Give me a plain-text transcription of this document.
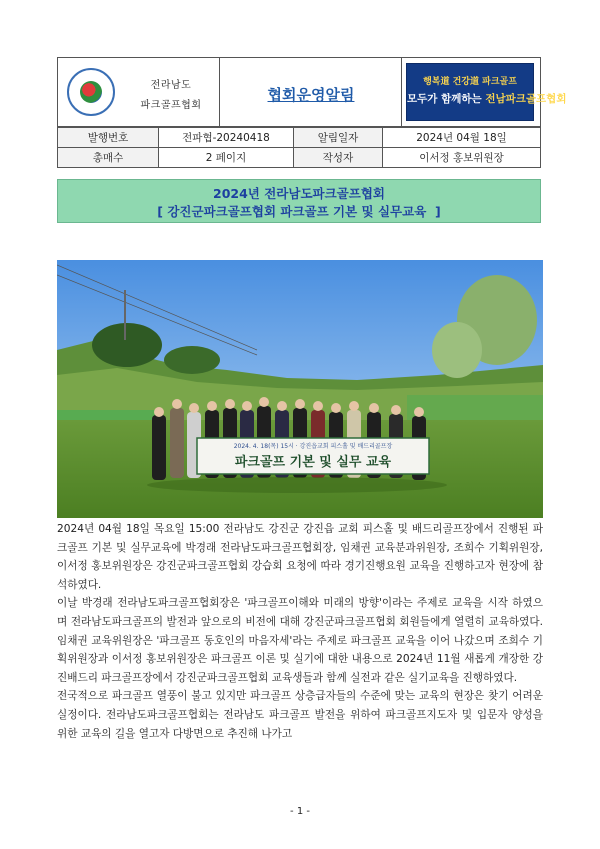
전라남도
파크골프협회
협회운영알림
행복道 건강道 파크골프
모두가 함께하는 전남파크골프협회
발행번호	전파협-20240418	알림일자	2024년 04월 18일
총매수	2 페이지	작성자	이서정 홍보위원장
2024년 전라남도파크골프협회
[ 강진군파크골프협회 파크골프 기본 및 실무교육  ]
2024. 4. 18(목) 15시 · 강진읍교회 피스홀 및 배드리골프장
파크골프 기본 및 실무 교육

2024년 04월 18일 목요일 15:00 전라남도 강진군 강진읍 교회 피스홀 및 배드리골프장에서 진행된 파크골프 기본 및 실무교육에 박경래 전라남도파크골프협회장, 임채권 교육분과위원장, 조희수 기획위원장, 이서정 홍보위원장은 강진군파크골프협회 강습회 요청에 따라 경기진행요원 교육을 진행하고자 현장에 참석하였다.

이날 박경래 전라남도파크골프협회장은 '파크골프이해와 미래의 방향'이라는 주제로 교육을 시작 하였으며 전라남도파크골프의 발전과 앞으로의 비전에 대해 강진군파크골프협회 회원들에게 열렬히 교육하였다. 임채권 교육위원장은 '파크골프 동호인의 마음자세'라는 주제로 파크골프 교육을 이어 나갔으며 조희수 기획위원장과 이서정 홍보위원장은 파크골프 이론 및 실기에 대한 내용으로 2024년 11월 새롭게 개장한 강진배드리 파크골프장에서 강진군파크골프협회 교육생들과 함께 실전과 같은 실기교육을 진행하였다.

전국적으로 파크골프 열풍이 불고 있지만 파크골프 상층급자들의 수준에 맞는 교육의 현장은 찾기 어려운 실정이다. 전라남도파크골프협회는 전라남도 파크골프 발전을 위하여 파크골프지도자 및 입문자 양성을 위한 교육의 길을 열고자 다방면으로 추진해 나가고

- 1 -
